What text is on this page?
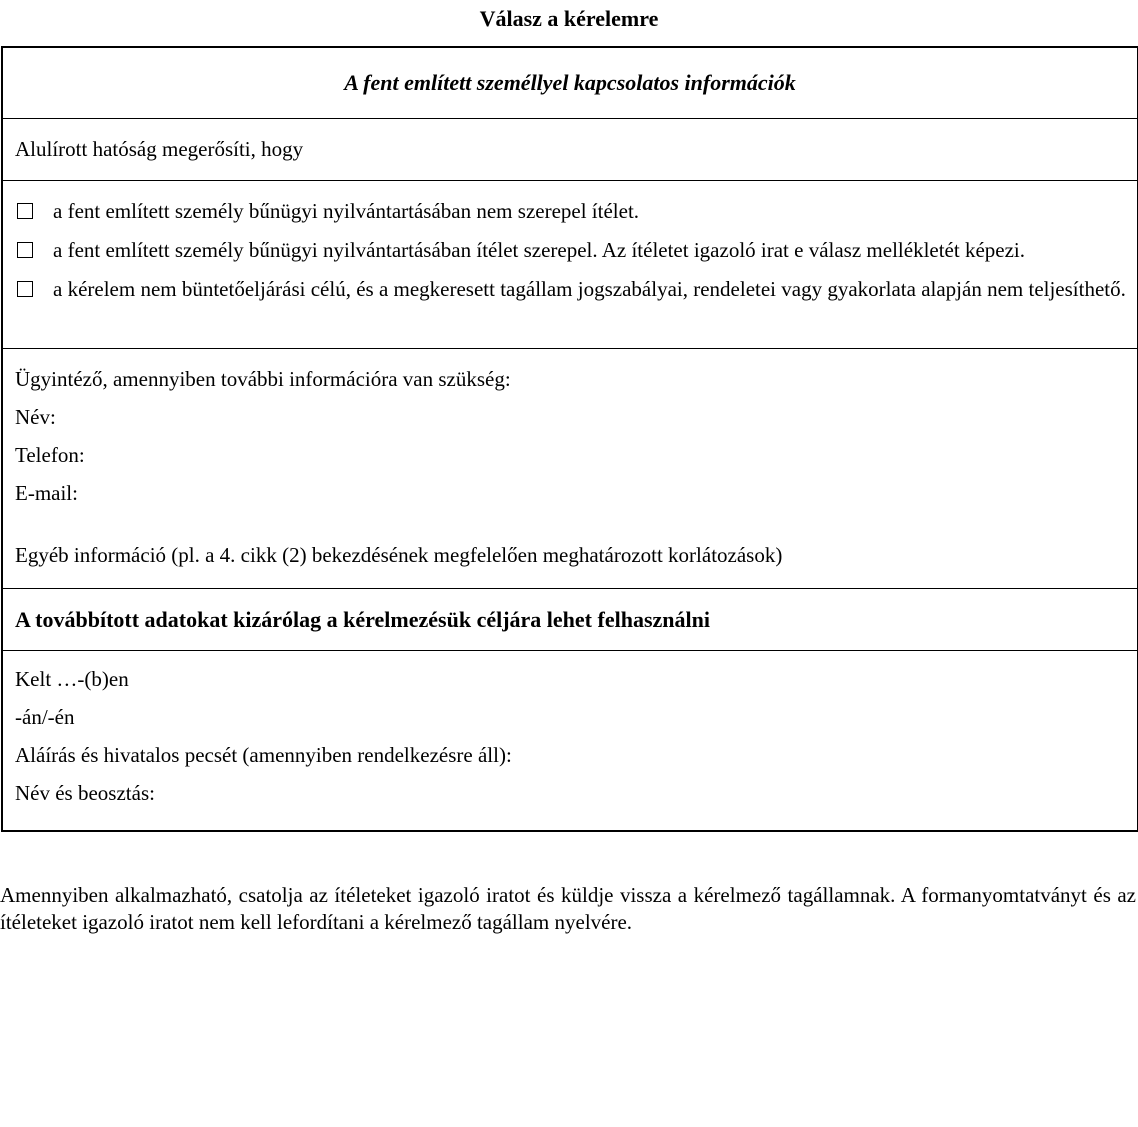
Válasz a kérelemre
A fent említett személlyel kapcsolatos információk
Alulírott hatóság megerősíti, hogy
a fent említett személy bűnügyi nyilvántartásában nem szerepel ítélet.
a fent említett személy bűnügyi nyilvántartásában ítélet szerepel. Az ítéletet igazoló irat e válasz mellékletét képezi.
a kérelem nem büntetőeljárási célú, és a megkeresett tagállam jogszabályai, rendeletei vagy gyakorlata alapján nem teljesíthető.
Ügyintéző, amennyiben további információra van szükség:
Név:
Telefon:
E-mail:
Egyéb információ (pl. a 4. cikk (2) bekezdésének megfelelően meghatározott korlátozások)
A továbbított adatokat kizárólag a kérelmezésük céljára lehet felhasználni
Kelt …-(b)en
-án/-én
Aláírás és hivatalos pecsét (amennyiben rendelkezésre áll):
Név és beosztás:
Amennyiben alkalmazható, csatolja az ítéleteket igazoló iratot és küldje vissza a kérelmező tagállamnak. A formanyomtatványt és az ítéleteket igazoló iratot nem kell lefordítani a kérelmező tagállam nyelvére.
